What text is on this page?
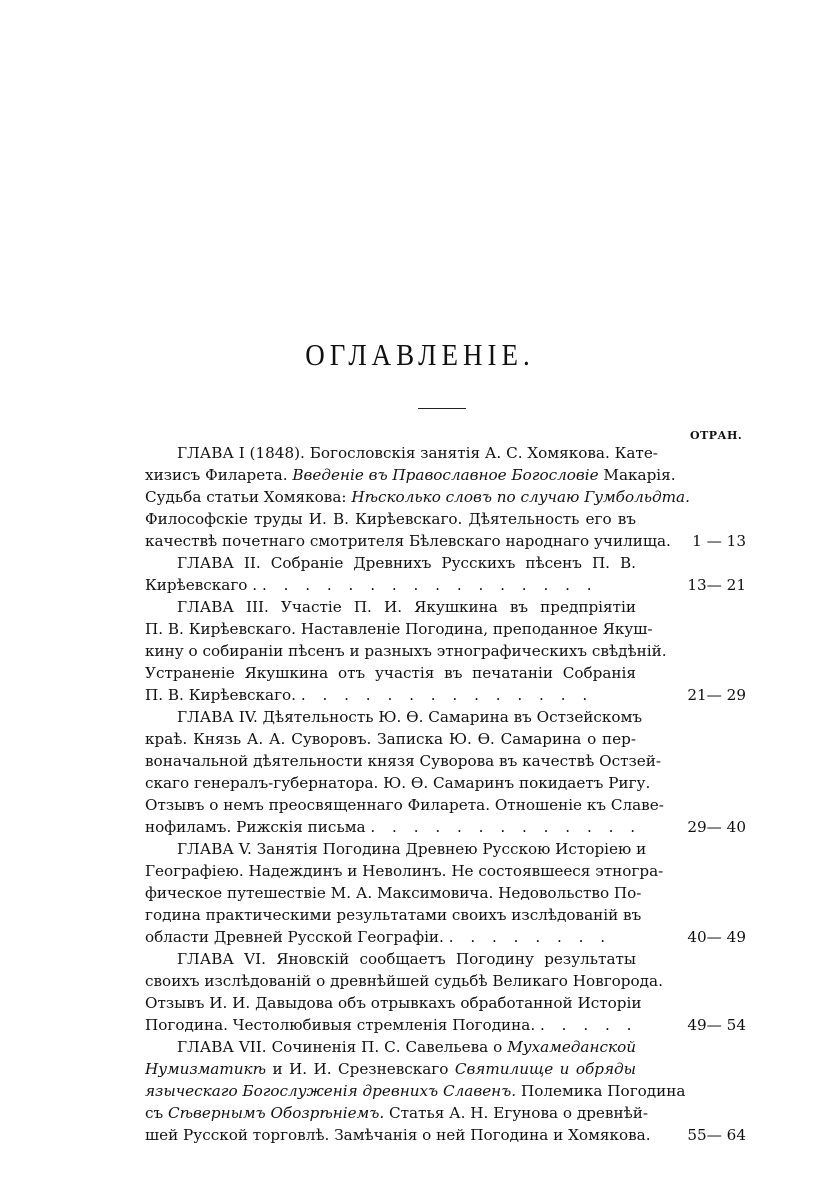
ОГЛАВЛЕНІЕ.
ОТРАН.
ГЛАВА I (1848). Богословскія занятія А. С. Хомякова. Кате-
хизисъ Филарета. Введеніе въ Православное Богословіе Макарія.
Судьба статьи Хомякова: Нѣсколько словъ по случаю Гумбольдта.
Философскіе труды И. В. Кирѣевскаго. Дѣятельность его въ
качествѣ почетнаго смотрителя Бѣлевскаго народнаго училища.	1 — 13
ГЛАВА II. Собраніе Древнихъ Русскихъ пѣсенъ П. В.
Кирѣевскаго . . . . . . . . . . . . . . . . .	13— 21
ГЛАВА III. Участіе П. И. Якушкина въ предпріятіи
П. В. Кирѣевскаго. Наставленіе Погодина, преподанное Якуш-
кину о собираніи пѣсенъ и разныхъ этнографическихъ свѣдѣній.
Устраненіе Якушкина отъ участія въ печатаніи Собранія
П. В. Кирѣевскаго. . . . . . . . . . . . . . .	21— 29
ГЛАВА IV. Дѣятельность Ю. Ѳ. Самарина въ Остзейскомъ
краѣ. Князь А. А. Суворовъ. Записка Ю. Ѳ. Самарина о пер-
воначальной дѣятельности князя Суворова въ качествѣ Остзей-
скаго генералъ-губернатора. Ю. Ѳ. Самаринъ покидаетъ Ригу.
Отзывъ о немъ преосвященнаго Филарета. Отношеніе къ Славе-
нофиламъ. Рижскія письма . . . . . . . . . . . . .	29— 40
ГЛАВА V. Занятія Погодина Древнею Русскою Исторіею и
Географіею. Надеждинъ и Неволинъ. Не состоявшееся этногра-
фическое путешествіе М. А. Максимовича. Недовольство По-
година практическими результатами своихъ изслѣдованій въ
области Древней Русской Географіи. . . . . . . . .	40— 49
ГЛАВА VI. Яновскій сообщаетъ Погодину результаты
своихъ изслѣдованій о древнѣйшей судьбѣ Великаго Новгорода.
Отзывъ И. И. Давыдова объ отрывкахъ обработанной Исторіи
Погодина. Честолюбивыя стремленія Погодина. . . . . .	49— 54
ГЛАВА VII. Сочиненія П. С. Савельева о Мухамеданской
Нумизматикѣ и И. И. Срезневскаго Святилище и обряды
языческаго Богослуженія древнихъ Славенъ. Полемика Погодина
съ Сѣвернымъ Обозрѣніемъ. Статья А. Н. Егунова о древнѣй-
шей Русской торговлѣ. Замѣчанія о ней Погодина и Хомякова.	55— 64
